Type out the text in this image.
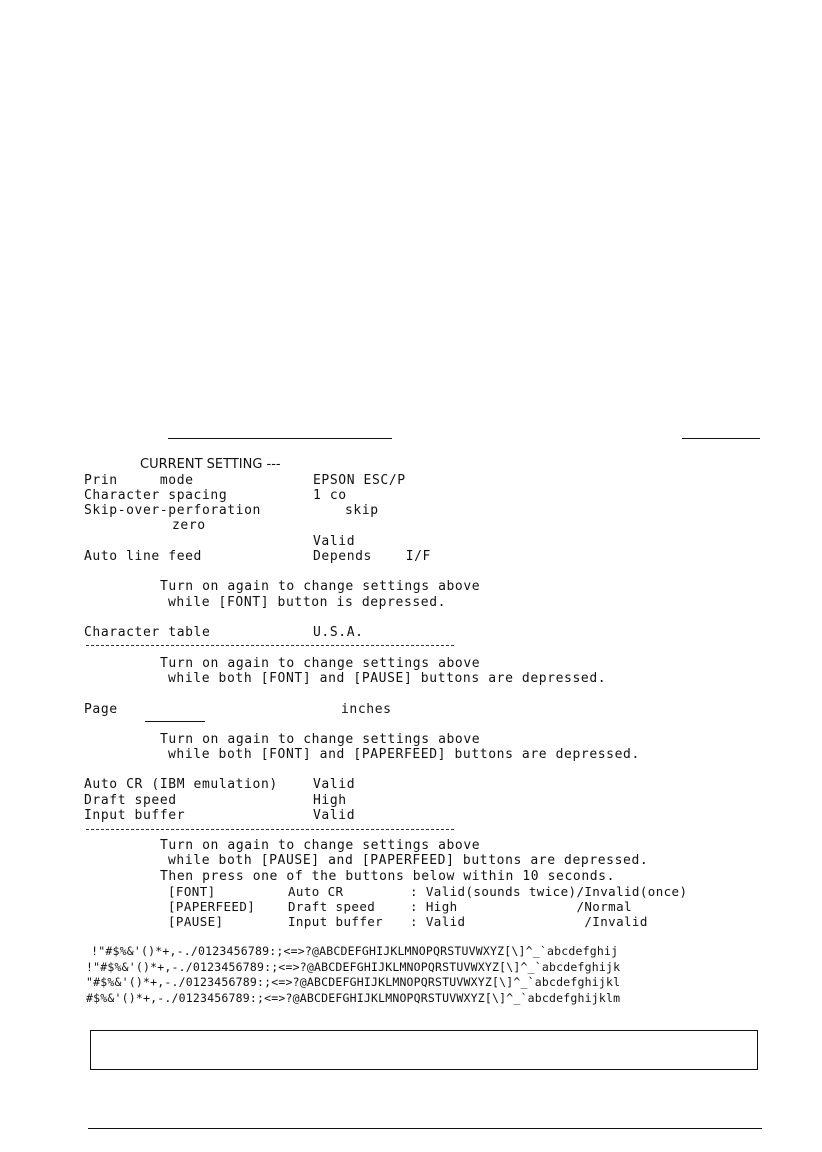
CURRENT SETTING ---
Prin     mode	EPSON ESC/P
Character spacing	1 co
Skip-over-perforation	skip
zero
Valid
Auto line feed	Depends    I/F
Turn on again to change settings above
while [FONT] button is depressed.
Character table	U.S.A.
Turn on again to change settings above
while both [FONT] and [PAUSE] buttons are depressed.
Page	inches
Turn on again to change settings above
while both [FONT] and [PAPERFEED] buttons are depressed.
Auto CR (IBM emulation)	Valid
Draft speed	High
Input buffer	Valid
Turn on again to change settings above
while both [PAUSE] and [PAPERFEED] buttons are depressed.
Then press one of the buttons below within 10 seconds.
[FONT]	Auto CR	: Valid(sounds twice)/Invalid(once)
[PAPERFEED]	Draft speed	: High               /Normal
[PAUSE]	Input buffer : Valid               /Invalid
!"#$%&'()*+,-./0123456789:;<=>?@ABCDEFGHIJKLMNOPQRSTUVWXYZ[\]^_`abcdefghij
!"#$%&'()*+,-./0123456789:;<=>?@ABCDEFGHIJKLMNOPQRSTUVWXYZ[\]^_`abcdefghijk
"#$%&'()*+,-./0123456789:;<=>?@ABCDEFGHIJKLMNOPQRSTUVWXYZ[\]^_`abcdefghijkl
#$%&'()*+,-./0123456789:;<=>?@ABCDEFGHIJKLMNOPQRSTUVWXYZ[\]^_`abcdefghijklm
